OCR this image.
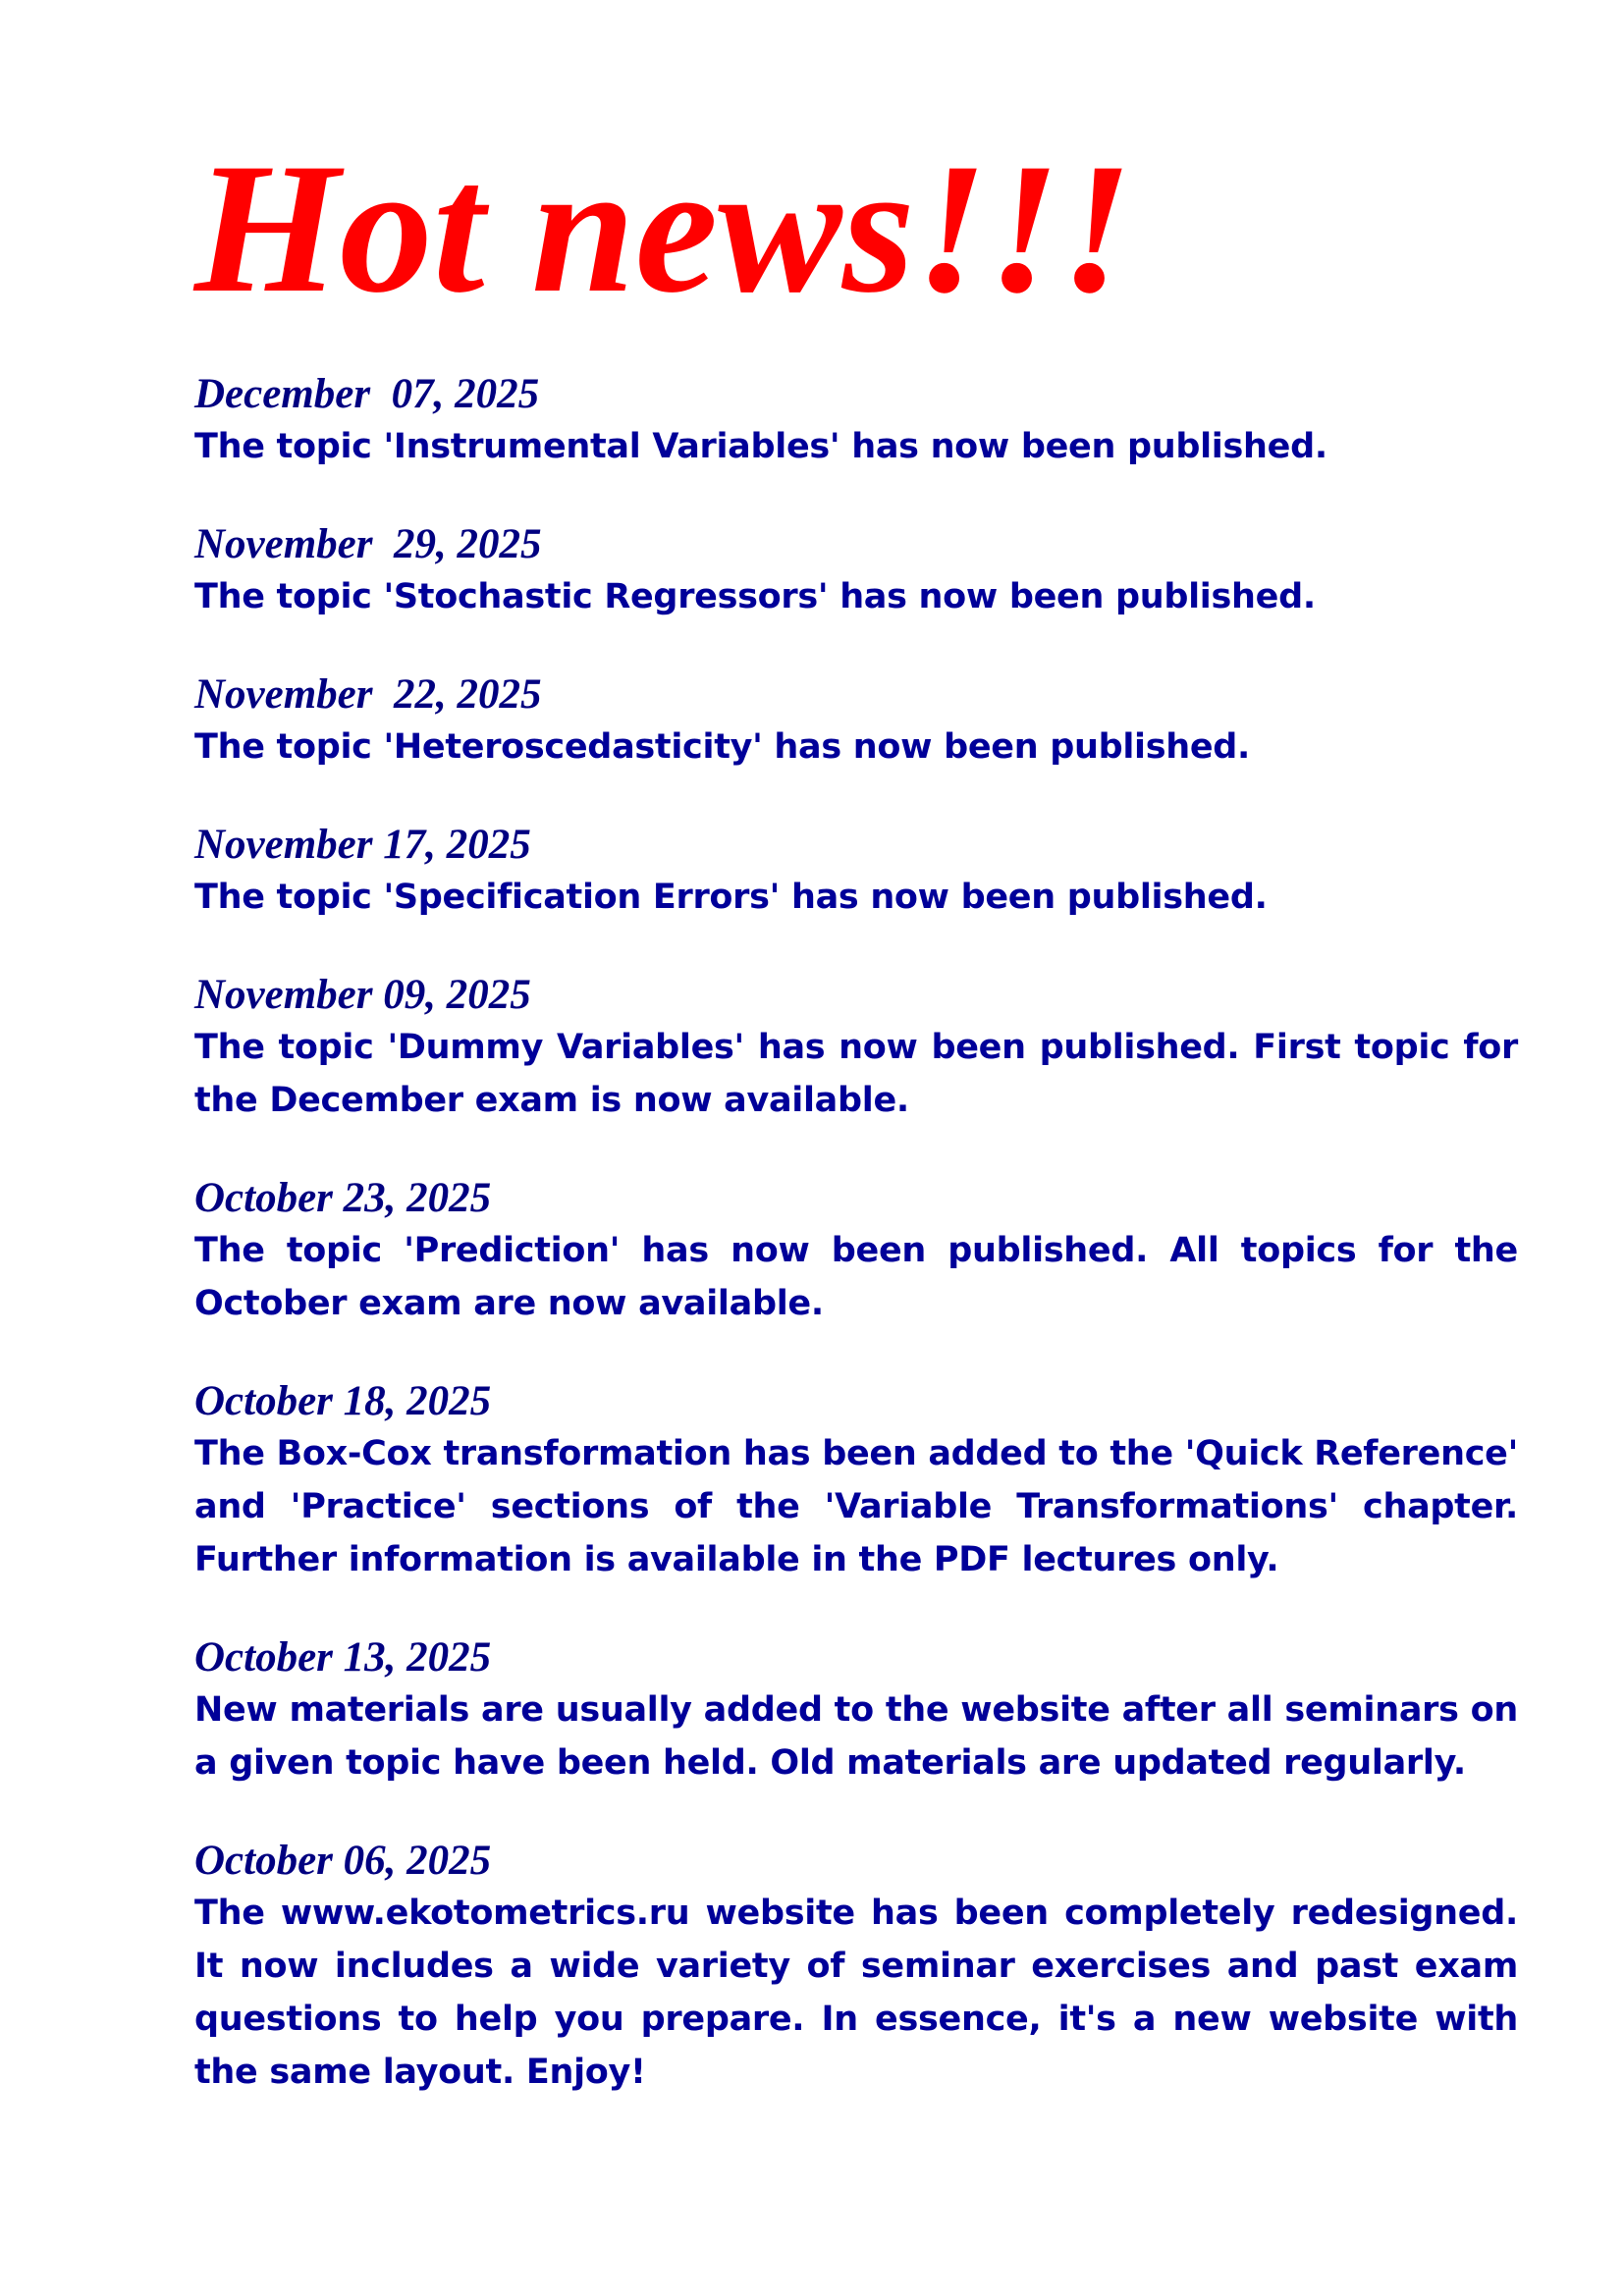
Hot news!!!
December  07, 2025
The topic 'Instrumental Variables' has now been published.
November  29, 2025
The topic 'Stochastic Regressors' has now been published.
November  22, 2025
The topic 'Heteroscedasticity' has now been published.
November 17, 2025
The topic 'Specification Errors' has now been published.
November 09, 2025
The topic 'Dummy Variables' has now been published. First topic for the December exam is now available.
October 23, 2025
The topic 'Prediction' has now been published. All topics for the October exam are now available.
October 18, 2025
The Box-Cox transformation has been added to the 'Quick Reference' and 'Practice' sections of the 'Variable Transformations' chapter. Further information is available in the PDF lectures only.
October 13, 2025
New materials are usually added to the website after all seminars on a given topic have been held. Old materials are updated regularly.
October 06, 2025
The www.ekotometrics.ru website has been completely redesigned. It now includes a wide variety of seminar exercises and past exam questions to help you prepare. In essence, it's a new website with the same layout. Enjoy!
